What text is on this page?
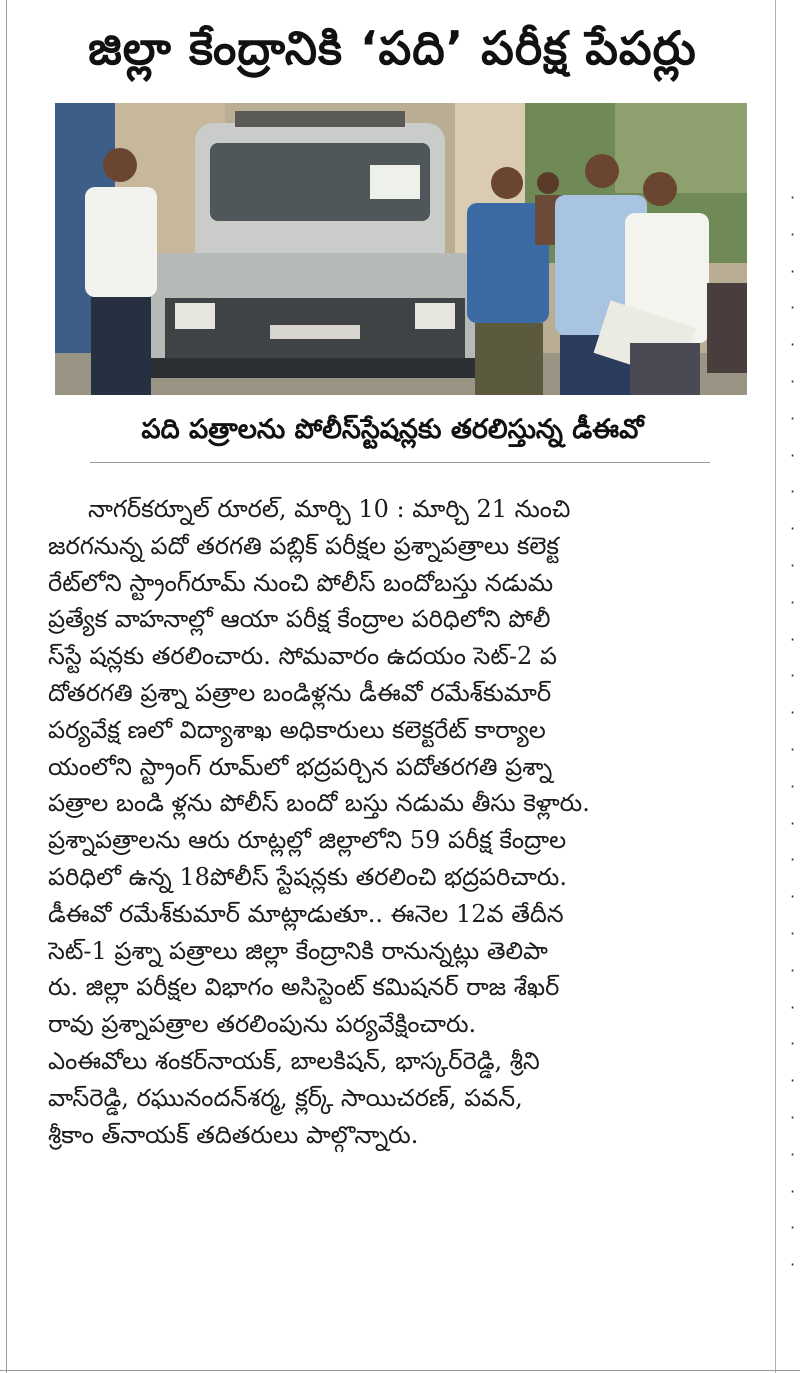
జిల్లా కేంద్రానికి ‘పది’ పరీక్ష పేపర్లు
పది పత్రాలను పోలీస్‌స్టేషన్లకు తరలిస్తున్న డీఈవో
నాగర్‌కర్నూల్‌ రూరల్‌, మార్చి 10 : మార్చి 21 నుంచి
జరగనున్న పదో తరగతి పబ్లిక్‌ పరీక్షల ప్రశ్నాపత్రాలు కలెక్ట
రేట్‌లోని స్ట్రాంగ్‌రూమ్‌ నుంచి పోలీస్‌ బందోబస్తు నడుమ
ప్రత్యేక వాహనాల్లో ఆయా పరీక్ష కేంద్రాల పరిధిలోని పోలీ
స్‌స్టే షన్లకు తరలించారు. సోమవారం ఉదయం సెట్‌-2 ప
దోతరగతి ప్రశ్నా పత్రాల బండిళ్లను డీఈవో రమేశ్‌కుమార్‌
పర్యవేక్ష ణలో విద్యాశాఖ అధికారులు కలెక్టరేట్‌ కార్యాల
యంలోని స్ట్రాంగ్‌ రూమ్‌లో భద్రపర్చిన పదోతరగతి ప్రశ్నా
పత్రాల బండి ళ్లను పోలీస్‌ బందో బస్తు నడుమ తీసు కెళ్లారు.
ప్రశ్నాపత్రాలను ఆరు రూట్లల్లో జిల్లాలోని 59 పరీక్ష కేంద్రాల
పరిధిలో ఉన్న 18పోలీస్‌ స్టేషన్లకు తరలించి భద్రపరిచారు.
డీఈవో రమేశ్‌కుమార్‌ మాట్లాడుతూ.. ఈనెల 12వ తేదీన
సెట్‌-1 ప్రశ్నా పత్రాలు జిల్లా కేంద్రానికి రానున్నట్లు తెలిపా
రు. జిల్లా పరీక్షల విభాగం అసిస్టెంట్‌ కమిషనర్‌ రాజ శేఖర్‌
రావు ప్రశ్నాపత్రాల తరలింపును పర్యవేక్షించారు.
ఎంఈవోలు శంకర్‌నాయక్‌, బాలకిషన్‌, భాస్కర్‌రెడ్డి, శ్రీని
వాస్‌రెడ్డి, రఘునందన్‌శర్మ, క్లర్క్‌ సాయిచరణ్‌, పవన్‌,
శ్రీకాం త్‌నాయక్‌ తదితరులు పాల్గొన్నారు.
·
·
·
·
·
·
·
·
·
·
·
·
·
·
·
·
·
·
·
·
·
·
·
·
·
·
·
·
·
·
